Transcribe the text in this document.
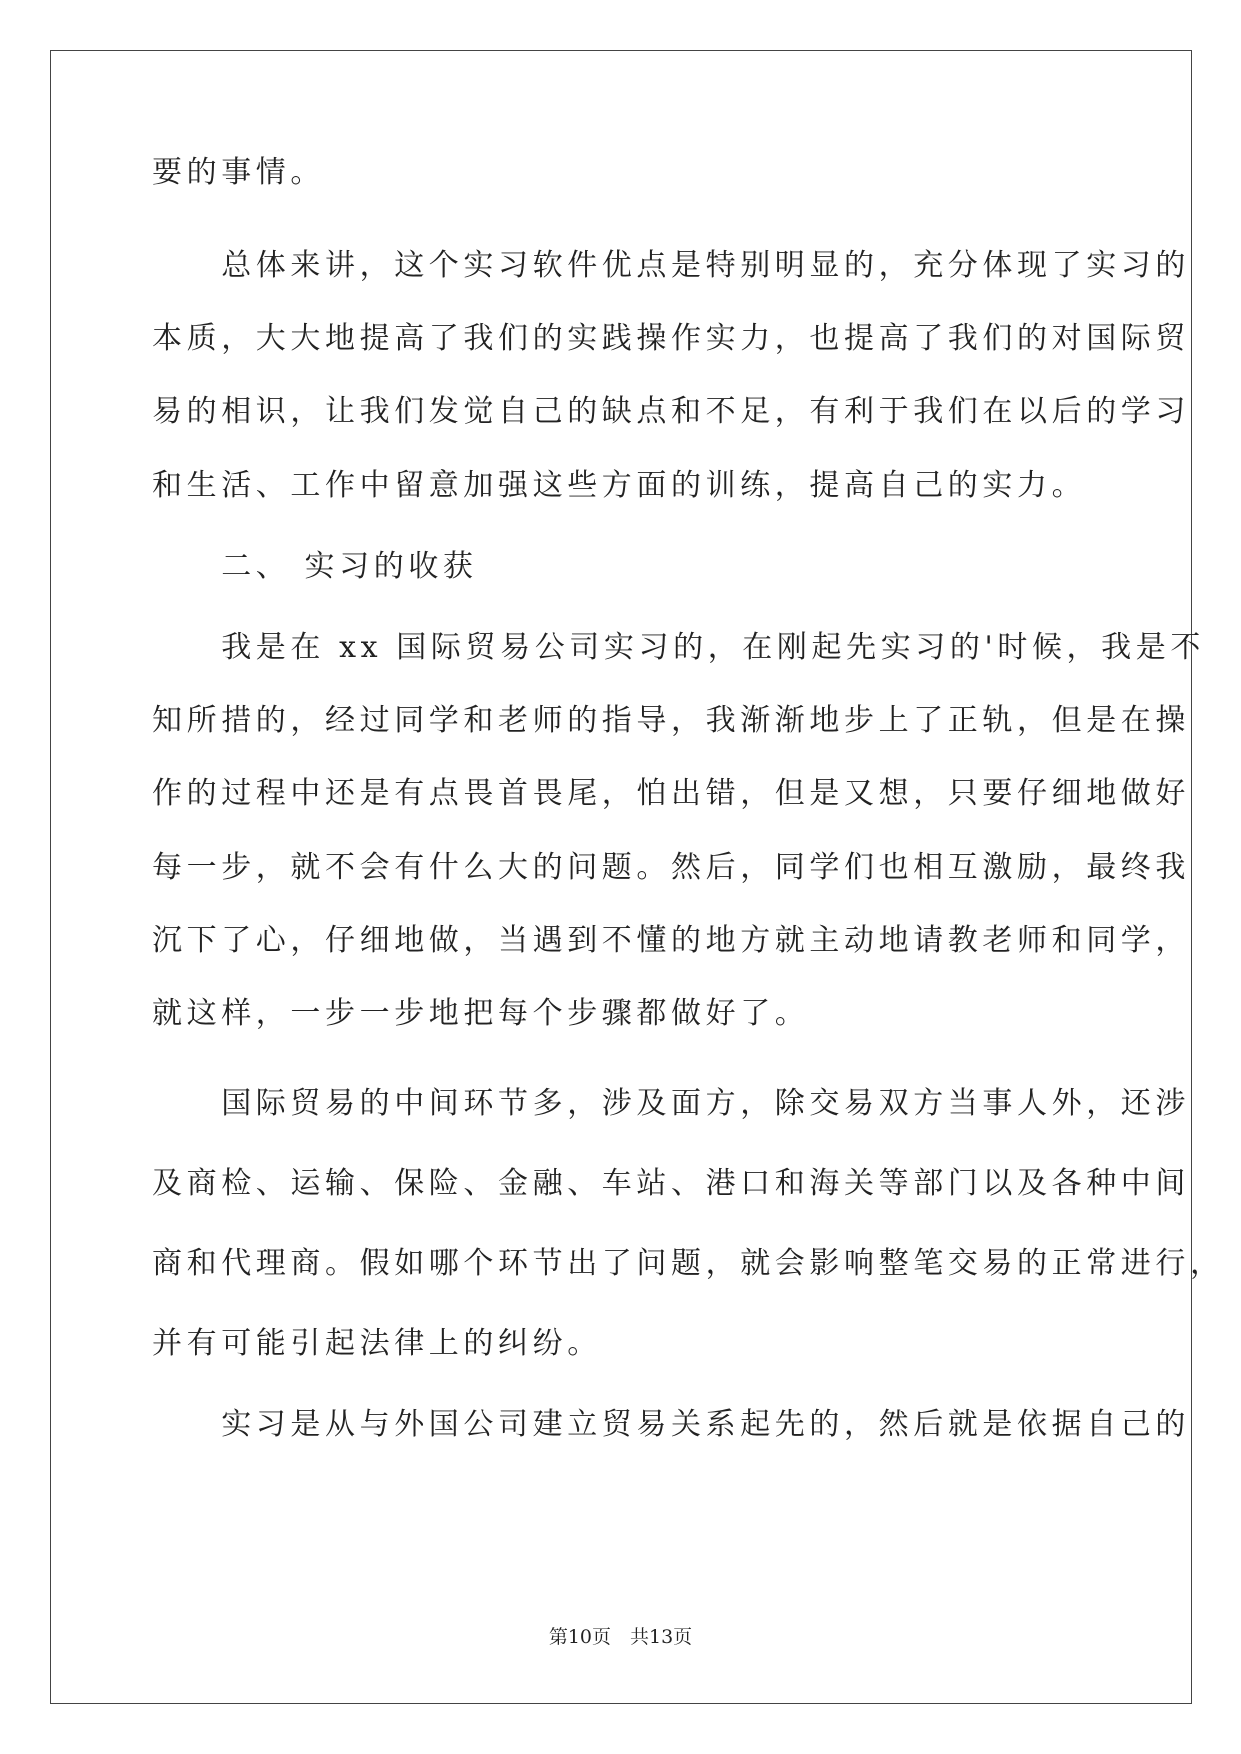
要的事情。
　　总体来讲，这个实习软件优点是特别明显的，充分体现了实习的
本质，大大地提高了我们的实践操作实力，也提高了我们的对国际贸
易的相识，让我们发觉自己的缺点和不足，有利于我们在以后的学习
和生活、工作中留意加强这些方面的训练，提高自己的实力。
　　二、 实习的收获
　　我是在 xx 国际贸易公司实习的，在刚起先实习的'时候，我是不
知所措的，经过同学和老师的指导，我渐渐地步上了正轨，但是在操
作的过程中还是有点畏首畏尾，怕出错，但是又想，只要仔细地做好
每一步，就不会有什么大的问题。然后，同学们也相互激励，最终我
沉下了心，仔细地做，当遇到不懂的地方就主动地请教老师和同学，
就这样，一步一步地把每个步骤都做好了。
　　国际贸易的中间环节多，涉及面方，除交易双方当事人外，还涉
及商检、运输、保险、金融、车站、港口和海关等部门以及各种中间
商和代理商。假如哪个环节出了问题，就会影响整笔交易的正常进行，
并有可能引起法律上的纠纷。
　　实习是从与外国公司建立贸易关系起先的，然后就是依据自己的
第10页　共13页
